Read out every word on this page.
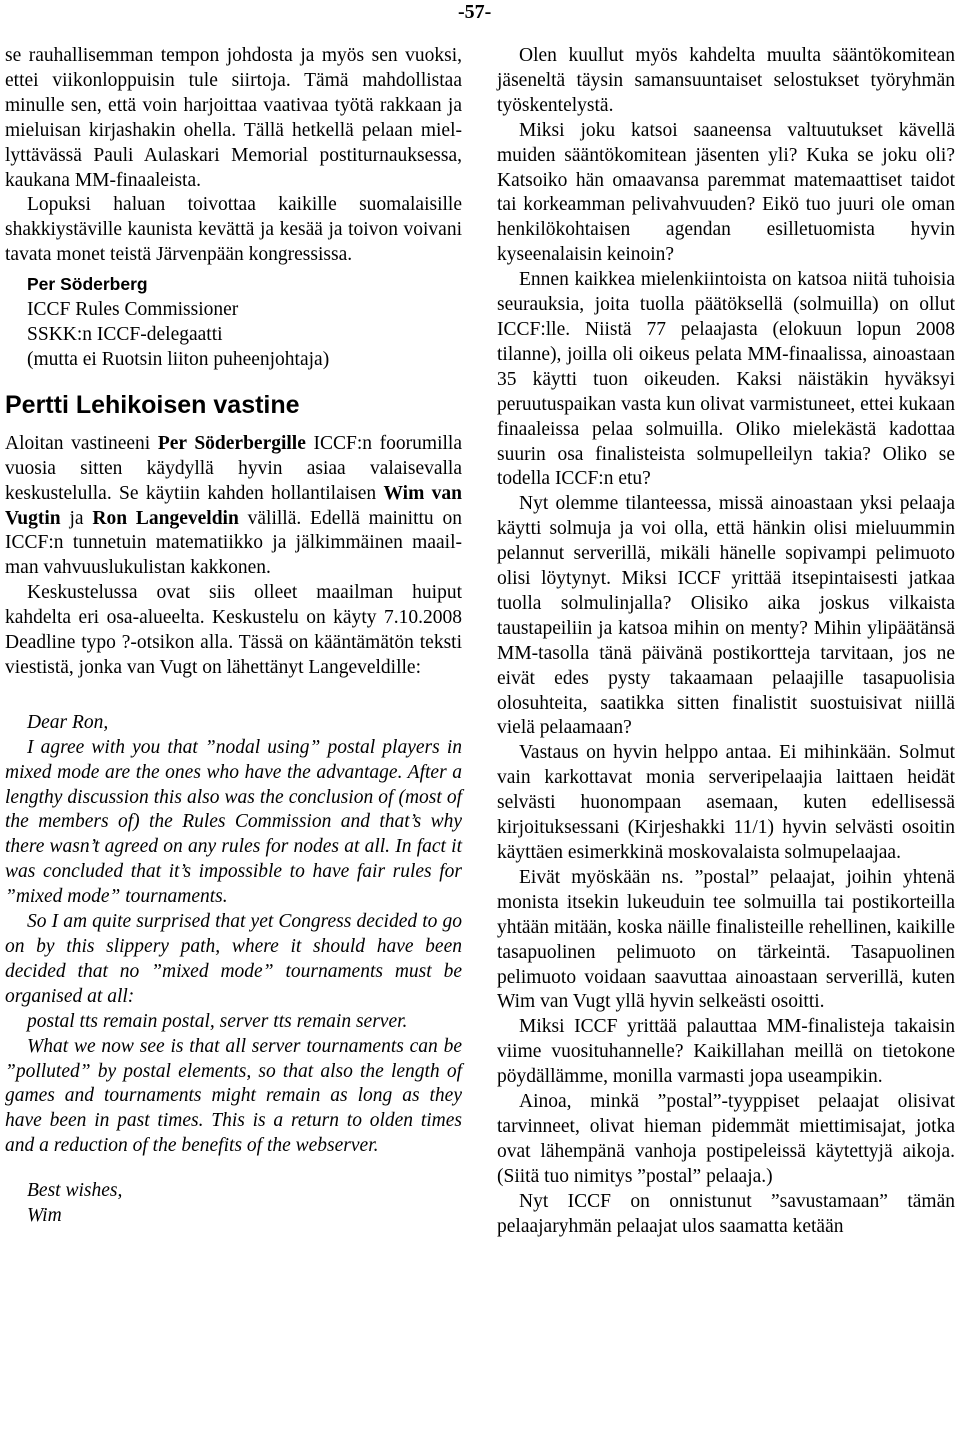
-57-

se rauhallisemman tempon johdosta ja myös sen vuoksi, ettei viikonloppuisin tule siirtoja. Tämä mahdollistaa minulle sen, että voin harjoittaa vaativaa työtä rakkaan ja mieluisan kirjashakin ohella. Tällä hetkellä pelaan miellyttävässä Pauli Aulaskari Memorial postiturnauksessa, kaukana MM-finaaleista.

Lopuksi haluan toivottaa kaikille suomalaisille shakkiystäville kaunista kevättä ja kesää ja toivon voivani tavata monet teistä Järvenpään kongressissa.

Per Söderberg
ICCF Rules Commissioner
SSKK:n ICCF-delegaatti
(mutta ei Ruotsin liiton puheenjohtaja)

Pertti Lehikoisen vastine

Aloitan vastineeni Per Söderbergille ICCF:n foorumilla vuosia sitten käydyllä hyvin asiaa valaisevalla keskustelulla. Se käytiin kahden hollantilaisen Wim van Vugtin ja Ron Langeveldin välillä. Edellä mainittu on ICCF:n tunnetuin matematiikko ja jälkimmäinen maailman vahvuuslukulistan kakkonen.

Keskustelussa ovat siis olleet maailman huiput kahdelta eri osa-alueelta. Keskustelu on käyty 7.10.2008 Deadline typo ?-otsikon alla. Tässä on kääntämätön teksti viestistä, jonka van Vugt on lähettänyt Langeveldille:

Dear Ron,

I agree with you that ”nodal using” postal players in mixed mode are the ones who have the advantage. After a lengthy discussion this also was the conclusion of (most of the members of) the Rules Commission and that’s why there wasn’t agreed on any rules for nodes at all. In fact it was concluded that it’s impossible to have fair rules for ”mixed mode” tournaments.

So I am quite surprised that yet Congress decided to go on by this slippery path, where it should have been decided that no ”mixed mode” tournaments must be organised at all:

postal tts remain postal, server tts remain server.

What we now see is that all server tournaments can be ”polluted” by postal elements, so that also the length of games and tournaments might remain as long as they have been in past times. This is a return to olden times and a reduction of the benefits of the webserver.

Best wishes,

Wim

Olen kuullut myös kahdelta muulta sääntökomitean jäseneltä täysin samansuuntaiset selostukset työryhmän työskentelystä.

Miksi joku katsoi saaneensa valtuutukset kävellä muiden sääntökomitean jäsenten yli? Kuka se joku oli? Katsoiko hän omaavansa paremmat matemaattiset taidot tai korkeamman pelivahvuuden? Eikö tuo juuri ole oman henkilökohtaisen agendan esilletuomista hyvin kyseenalaisin keinoin?

Ennen kaikkea mielenkiintoista on katsoa niitä tuhoisia seurauksia, joita tuolla päätöksellä (solmuilla) on ollut ICCF:lle. Niistä 77 pelaajasta (elokuun lopun 2008 tilanne), joilla oli oikeus pelata MM-finaalissa, ainoastaan 35 käytti tuon oikeuden. Kaksi näistäkin hyväksyi peruutuspaikan vasta kun olivat varmistuneet, ettei kukaan finaaleissa pelaa solmuilla. Oliko mielekästä kadottaa suurin osa finalisteista solmupelleilyn takia? Oliko se todella ICCF:n etu?

Nyt olemme tilanteessa, missä ainoastaan yksi pelaaja käytti solmuja ja voi olla, että hänkin olisi mieluummin pelannut serverillä, mikäli hänelle sopivampi pelimuoto olisi löytynyt. Miksi ICCF yrittää itsepintaisesti jatkaa tuolla solmulinjalla? Olisiko aika joskus vilkaista taustapeiliin ja katsoa mihin on menty? Mihin ylipäätänsä MM-tasolla tänä päivänä postikortteja tarvitaan, jos ne eivät edes pysty takaamaan pelaajille tasapuolisia olosuhteita, saatikka sitten finalistit suostuisivat niillä vielä pelaamaan?

Vastaus on hyvin helppo antaa. Ei mihinkään. Solmut vain karkottavat monia serveripelaajia laittaen heidät selvästi huonompaan asemaan, kuten edellisessä kirjoituksessani (Kirjeshakki 11/1) hyvin selvästi osoitin käyttäen esimerkkinä moskovalaista solmupelaajaa.

Eivät myöskään ns. ”postal” pelaajat, joihin yhtenä monista itsekin lukeuduin tee solmuilla tai postikorteilla yhtään mitään, koska näille finalisteille rehellinen, kaikille tasapuolinen pelimuoto on tärkeintä. Tasapuolinen pelimuoto voidaan saavuttaa ainoastaan serverillä, kuten Wim van Vugt yllä hyvin selkeästi osoitti.

Miksi ICCF yrittää palauttaa MM-finalisteja takaisin viime vuosituhannelle? Kaikillahan meillä on tietokone pöydällämme, monilla varmasti jopa useampikin.

Ainoa, minkä ”postal”-tyyppiset pelaajat olisivat tarvinneet, olivat hieman pidemmät miettimisajat, jotka ovat lähempänä vanhoja postipeleissä käytettyjä aikoja. (Siitä tuo nimitys ”postal” pelaaja.)

Nyt ICCF on onnistunut ”savustamaan” tämän pelaajaryhmän pelaajat ulos saamatta ketään
